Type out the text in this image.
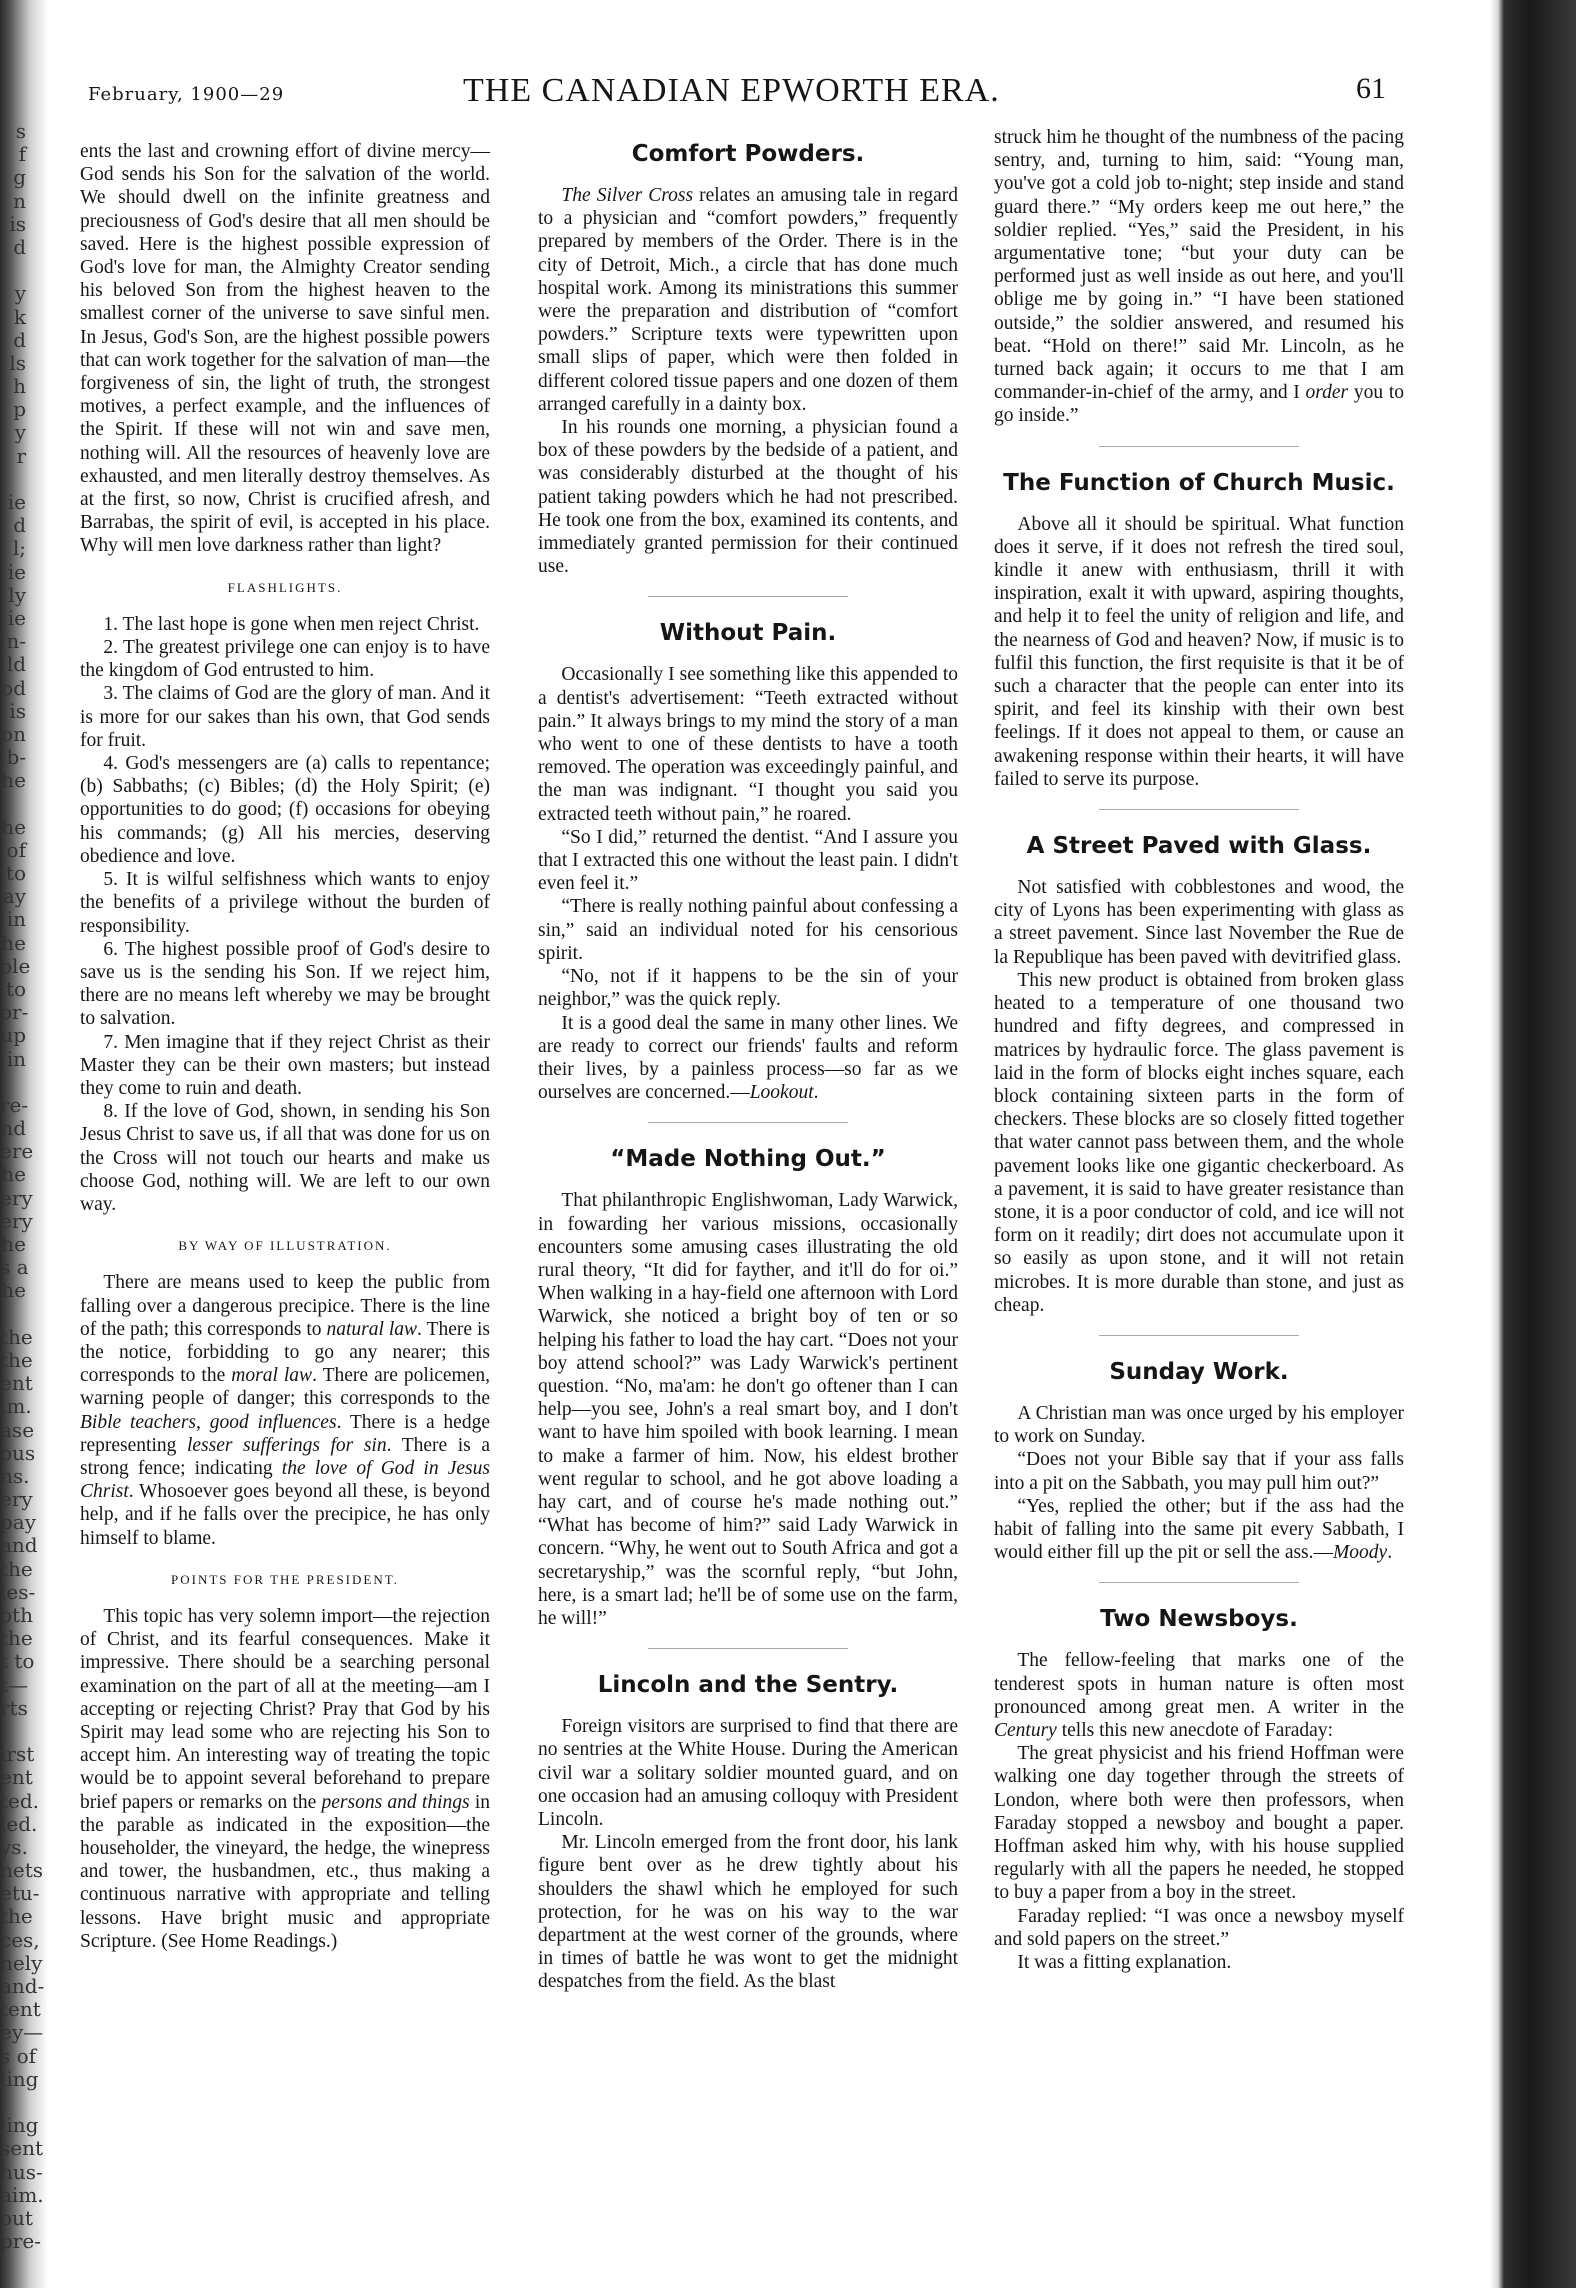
s
f
g
n
is
d
y
k
d
ls
h
p
y
r
ie
d
l;
ie
ly
ie
n-
ld
od
is
on
b-
he
he
of
to
ay
in
he
ole
to
or-
up
in
re-
nd
ere
he
ery
ery
he
s a
he
the
the
ent
im.
ase
ous
ns.
ery
pay
and
the
les-
oth
the
t to
t—
rts
irst
ent
ted.
led.
ys.
nets
etu-
the
ces,
nely
and-
tent
ey—
s of
ling
ling
sent
hus-
aim.
out
pre-
February, 1900—29	THE CANADIAN EPWORTH ERA.	61

ents the last and crowning effort of divine mercy—God sends his Son for the salvation of the world. We should dwell on the infinite greatness and preciousness of God's desire that all men should be saved. Here is the highest possible expression of God's love for man, the Almighty Creator sending his beloved Son from the highest heaven to the smallest corner of the universe to save sinful men. In Jesus, God's Son, are the highest possible powers that can work together for the salvation of man—the forgiveness of sin, the light of truth, the strongest motives, a perfect example, and the influences of the Spirit. If these will not win and save men, nothing will. All the resources of heavenly love are exhausted, and men literally destroy themselves. As at the first, so now, Christ is crucified afresh, and Barrabas, the spirit of evil, is accepted in his place. Why will men love darkness rather than light?

FLASHLIGHTS.

1. The last hope is gone when men reject Christ.

2. The greatest privilege one can enjoy is to have the kingdom of God entrusted to him.

3. The claims of God are the glory of man. And it is more for our sakes than his own, that God sends for fruit.

4. God's messengers are (a) calls to repentance; (b) Sabbaths; (c) Bibles; (d) the Holy Spirit; (e) opportunities to do good; (f) occasions for obeying his commands; (g) All his mercies, deserving obedience and love.

5. It is wilful selfishness which wants to enjoy the benefits of a privilege without the burden of responsibility.

6. The highest possible proof of God's desire to save us is the sending his Son. If we reject him, there are no means left whereby we may be brought to salvation.

7. Men imagine that if they reject Christ as their Master they can be their own masters; but instead they come to ruin and death.

8. If the love of God, shown, in sending his Son Jesus Christ to save us, if all that was done for us on the Cross will not touch our hearts and make us choose God, nothing will. We are left to our own way.

BY WAY OF ILLUSTRATION.

There are means used to keep the public from falling over a dangerous precipice. There is the line of the path; this corresponds to natural law. There is the notice, forbidding to go any nearer; this corresponds to the moral law. There are policemen, warning people of danger; this corresponds to the Bible teachers, good influences. There is a hedge representing lesser sufferings for sin. There is a strong fence; indicating the love of God in Jesus Christ. Whosoever goes beyond all these, is beyond help, and if he falls over the precipice, he has only himself to blame.

POINTS FOR THE PRESIDENT.

This topic has very solemn import—the rejection of Christ, and its fearful consequences. Make it impressive. There should be a searching personal examination on the part of all at the meeting—am I accepting or rejecting Christ? Pray that God by his Spirit may lead some who are rejecting his Son to accept him. An interesting way of treating the topic would be to appoint several beforehand to prepare brief papers or remarks on the persons and things in the parable as indicated in the exposition—the householder, the vineyard, the hedge, the winepress and tower, the husbandmen, etc., thus making a continuous narrative with appropriate and telling lessons. Have bright music and appropriate Scripture. (See Home Readings.)

Comfort Powders.

The Silver Cross relates an amusing tale in regard to a physician and “comfort powders,” frequently prepared by members of the Order. There is in the city of Detroit, Mich., a circle that has done much hospital work. Among its ministrations this summer were the preparation and distribution of “comfort powders.” Scripture texts were typewritten upon small slips of paper, which were then folded in different colored tissue papers and one dozen of them arranged carefully in a dainty box.

In his rounds one morning, a physician found a box of these powders by the bedside of a patient, and was considerably disturbed at the thought of his patient taking powders which he had not prescribed. He took one from the box, examined its contents, and immediately granted permission for their continued use.

Without Pain.

Occasionally I see something like this appended to a dentist's advertisement: “Teeth extracted without pain.” It always brings to my mind the story of a man who went to one of these dentists to have a tooth removed. The operation was exceedingly painful, and the man was indignant. “I thought you said you extracted teeth without pain,” he roared.

“So I did,” returned the dentist. “And I assure you that I extracted this one without the least pain. I didn't even feel it.”

“There is really nothing painful about confessing a sin,” said an individual noted for his censorious spirit.

“No, not if it happens to be the sin of your neighbor,” was the quick reply.

It is a good deal the same in many other lines. We are ready to correct our friends' faults and reform their lives, by a painless process—so far as we ourselves are concerned.—Lookout.

“Made Nothing Out.”

That philanthropic Englishwoman, Lady Warwick, in fowarding her various missions, occasionally encounters some amusing cases illustrating the old rural theory, “It did for fayther, and it'll do for oi.” When walking in a hay-field one afternoon with Lord Warwick, she noticed a bright boy of ten or so helping his father to load the hay cart. “Does not your boy attend school?” was Lady Warwick's pertinent question. “No, ma'am: he don't go oftener than I can help—you see, John's a real smart boy, and I don't want to have him spoiled with book learning. I mean to make a farmer of him. Now, his eldest brother went regular to school, and he got above loading a hay cart, and of course he's made nothing out.” “What has become of him?” said Lady Warwick in concern. “Why, he went out to South Africa and got a secretaryship,” was the scornful reply, “but John, here, is a smart lad; he'll be of some use on the farm, he will!”

Lincoln and the Sentry.

Foreign visitors are surprised to find that there are no sentries at the White House. During the American civil war a solitary soldier mounted guard, and on one occasion had an amusing colloquy with President Lincoln.

Mr. Lincoln emerged from the front door, his lank figure bent over as he drew tightly about his shoulders the shawl which he employed for such protection, for he was on his way to the war department at the west corner of the grounds, where in times of battle he was wont to get the midnight despatches from the field. As the blast

struck him he thought of the numbness of the pacing sentry, and, turning to him, said: “Young man, you've got a cold job to-night; step inside and stand guard there.” “My orders keep me out here,” the soldier replied. “Yes,” said the President, in his argumentative tone; “but your duty can be performed just as well inside as out here, and you'll oblige me by going in.” “I have been stationed outside,” the soldier answered, and resumed his beat. “Hold on there!” said Mr. Lincoln, as he turned back again; it occurs to me that I am commander-in-chief of the army, and I order you to go inside.”

The Function of Church Music.

Above all it should be spiritual. What function does it serve, if it does not refresh the tired soul, kindle it anew with enthusiasm, thrill it with inspiration, exalt it with upward, aspiring thoughts, and help it to feel the unity of religion and life, and the nearness of God and heaven? Now, if music is to fulfil this function, the first requisite is that it be of such a character that the people can enter into its spirit, and feel its kinship with their own best feelings. If it does not appeal to them, or cause an awakening response within their hearts, it will have failed to serve its purpose.

A Street Paved with Glass.

Not satisfied with cobblestones and wood, the city of Lyons has been experimenting with glass as a street pavement. Since last November the Rue de la Republique has been paved with devitrified glass.

This new product is obtained from broken glass heated to a temperature of one thousand two hundred and fifty degrees, and compressed in matrices by hydraulic force. The glass pavement is laid in the form of blocks eight inches square, each block containing sixteen parts in the form of checkers. These blocks are so closely fitted together that water cannot pass between them, and the whole pavement looks like one gigantic checkerboard. As a pavement, it is said to have greater resistance than stone, it is a poor conductor of cold, and ice will not form on it readily; dirt does not accumulate upon it so easily as upon stone, and it will not retain microbes. It is more durable than stone, and just as cheap.

Sunday Work.

A Christian man was once urged by his employer to work on Sunday.

“Does not your Bible say that if your ass falls into a pit on the Sabbath, you may pull him out?”

“Yes, replied the other; but if the ass had the habit of falling into the same pit every Sabbath, I would either fill up the pit or sell the ass.—Moody.

Two Newsboys.

The fellow-feeling that marks one of the tenderest spots in human nature is often most pronounced among great men. A writer in the Century tells this new anecdote of Faraday:

The great physicist and his friend Hoffman were walking one day together through the streets of London, where both were then professors, when Faraday stopped a newsboy and bought a paper. Hoffman asked him why, with his house supplied regularly with all the papers he needed, he stopped to buy a paper from a boy in the street.

Faraday replied: “I was once a newsboy myself and sold papers on the street.”

It was a fitting explanation.
